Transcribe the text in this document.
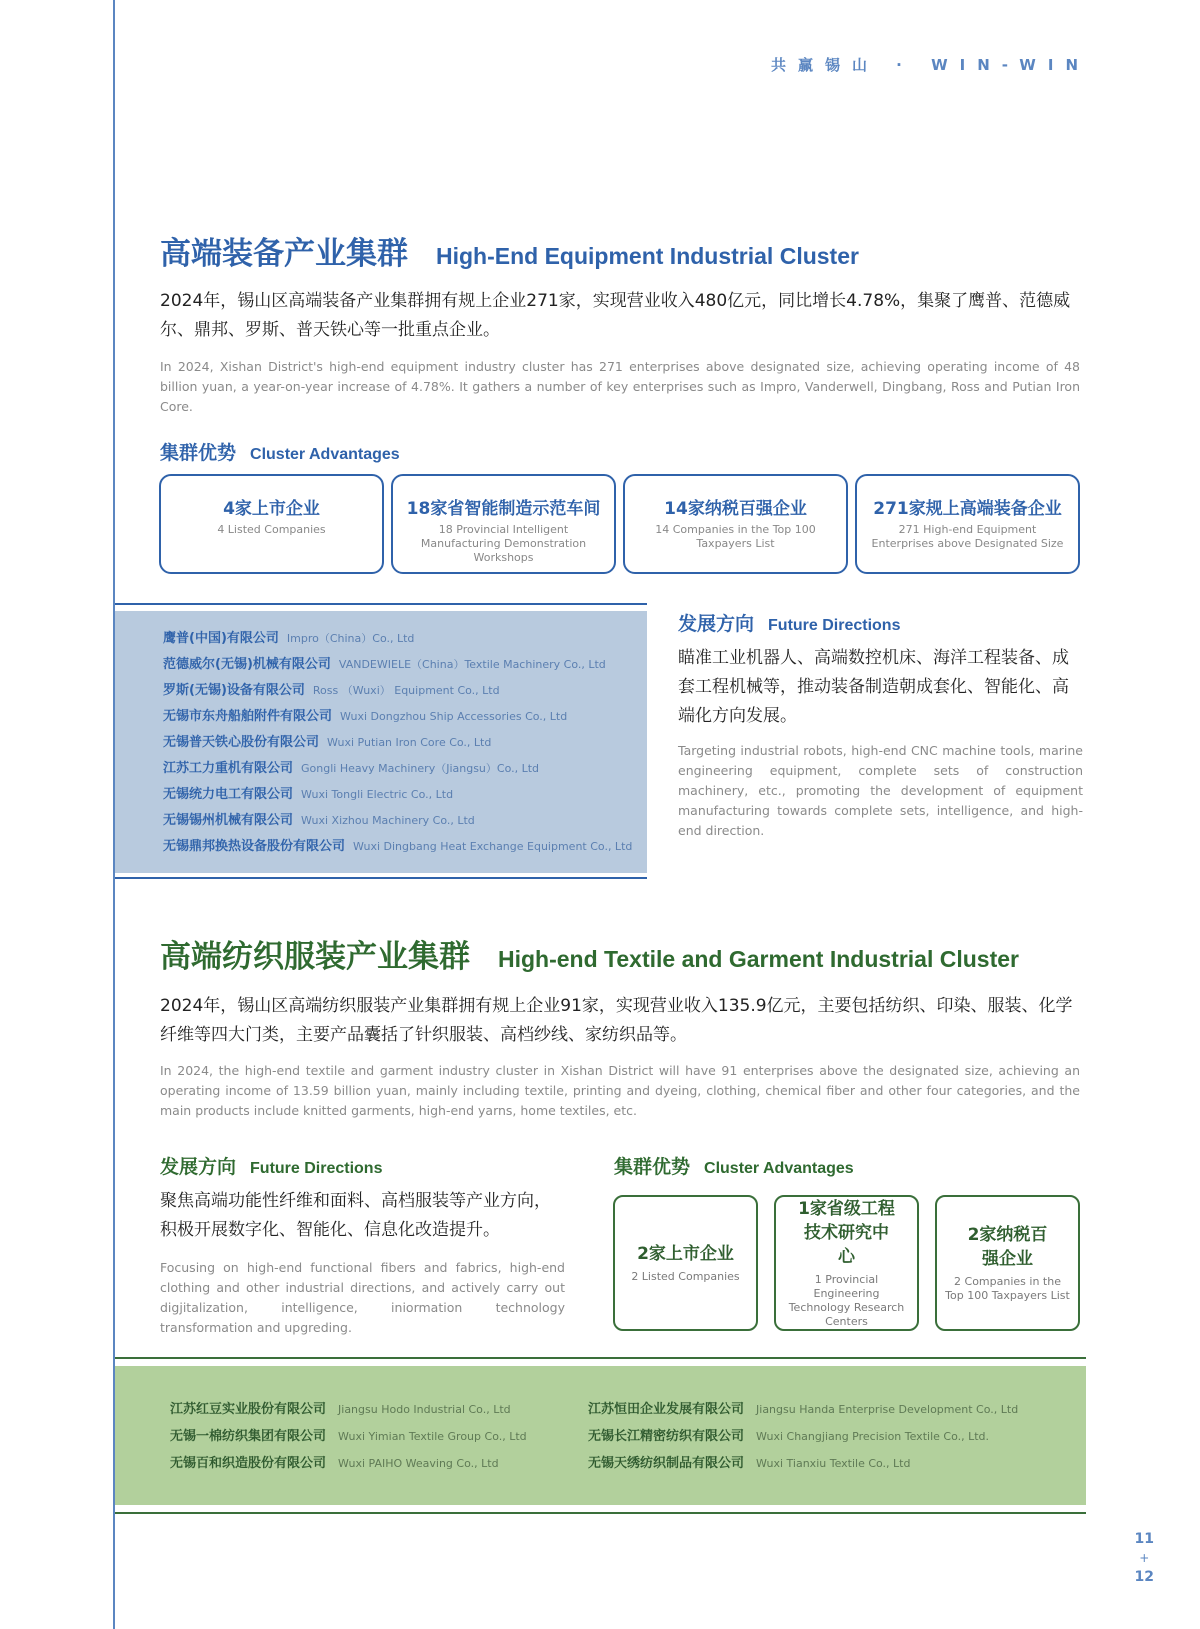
共赢锡山 · WIN-WIN
高端装备产业集群 High-End Equipment Industrial Cluster
2024年，锡山区高端装备产业集群拥有规上企业271家，实现营业收入480亿元，同比增长4.78%，集聚了鹰普、范德威尔、鼎邦、罗斯、普天铁心等一批重点企业。
In 2024, Xishan District's high-end equipment industry cluster has 271 enterprises above designated size, achieving operating income of 48 billion yuan, a year-on-year increase of 4.78%. It gathers a number of key enterprises such as Impro, Vanderwell, Dingbang, Ross and Putian Iron Core.
集群优势 Cluster Advantages
4家上市企业
4 Listed Companies
18家省智能制造示范车间
18 Provincial Intelligent Manufacturing Demonstration Workshops
14家纳税百强企业
14 Companies in the Top 100 Taxpayers List
271家规上高端装备企业
271 High-end Equipment Enterprises above Designated Size
鹰普(中国)有限公司 Impro（China）Co., Ltd
范德威尔(无锡)机械有限公司 VANDEWIELE（China）Textile Machinery Co., Ltd
罗斯(无锡)设备有限公司 Ross （Wuxi） Equipment Co., Ltd
无锡市东舟船舶附件有限公司 Wuxi Dongzhou Ship Accessories Co., Ltd
无锡普天铁心股份有限公司 Wuxi Putian Iron Core Co., Ltd
江苏工力重机有限公司 Gongli Heavy Machinery（Jiangsu）Co., Ltd
无锡统力电工有限公司 Wuxi Tongli Electric Co., Ltd
无锡锡州机械有限公司 Wuxi Xizhou Machinery Co., Ltd
无锡鼎邦换热设备股份有限公司 Wuxi Dingbang Heat Exchange Equipment Co., Ltd
发展方向 Future Directions
瞄准工业机器人、高端数控机床、海洋工程装备、成套工程机械等，推动装备制造朝成套化、智能化、高端化方向发展。
Targeting industrial robots, high-end CNC machine tools, marine engineering equipment, complete sets of construction machinery, etc., promoting the development of equipment manufacturing towards complete sets, intelligence, and high-end direction.
高端纺织服装产业集群 High-end Textile and Garment Industrial Cluster
2024年，锡山区高端纺织服装产业集群拥有规上企业91家，实现营业收入135.9亿元，主要包括纺织、印染、服装、化学纤维等四大门类，主要产品囊括了针织服装、高档纱线、家纺织品等。
In 2024, the high-end textile and garment industry cluster in Xishan District will have 91 enterprises above the designated size, achieving an operating income of 13.59 billion yuan, mainly including textile, printing and dyeing, clothing, chemical fiber and other four categories, and the main products include knitted garments, high-end yarns, home textiles, etc.
发展方向 Future Directions
聚焦高端功能性纤维和面料、高档服装等产业方向，积极开展数字化、智能化、信息化改造提升。
Focusing on high-end functional fibers and fabrics, high-end clothing and other industrial directions, and actively carry out digjitalization, intelligence, iniormation technology transformation and upgreding.
集群优势 Cluster Advantages
2家上市企业
2 Listed Companies
1家省级工程技术研究中心
1 Provincial Engineering Technology Research Centers
2家纳税百强企业
2 Companies in the Top 100 Taxpayers List
江苏红豆实业股份有限公司 Jiangsu Hodo Industrial Co., Ltd
无锡一棉纺织集团有限公司 Wuxi Yimian Textile Group Co., Ltd
无锡百和织造股份有限公司 Wuxi PAIHO Weaving Co., Ltd
江苏恒田企业发展有限公司 Jiangsu Handa Enterprise Development Co., Ltd
无锡长江精密纺织有限公司 Wuxi Changjiang Precision Textile Co., Ltd.
无锡天绣纺织制品有限公司 Wuxi Tianxiu Textile Co., Ltd
11
+
12
